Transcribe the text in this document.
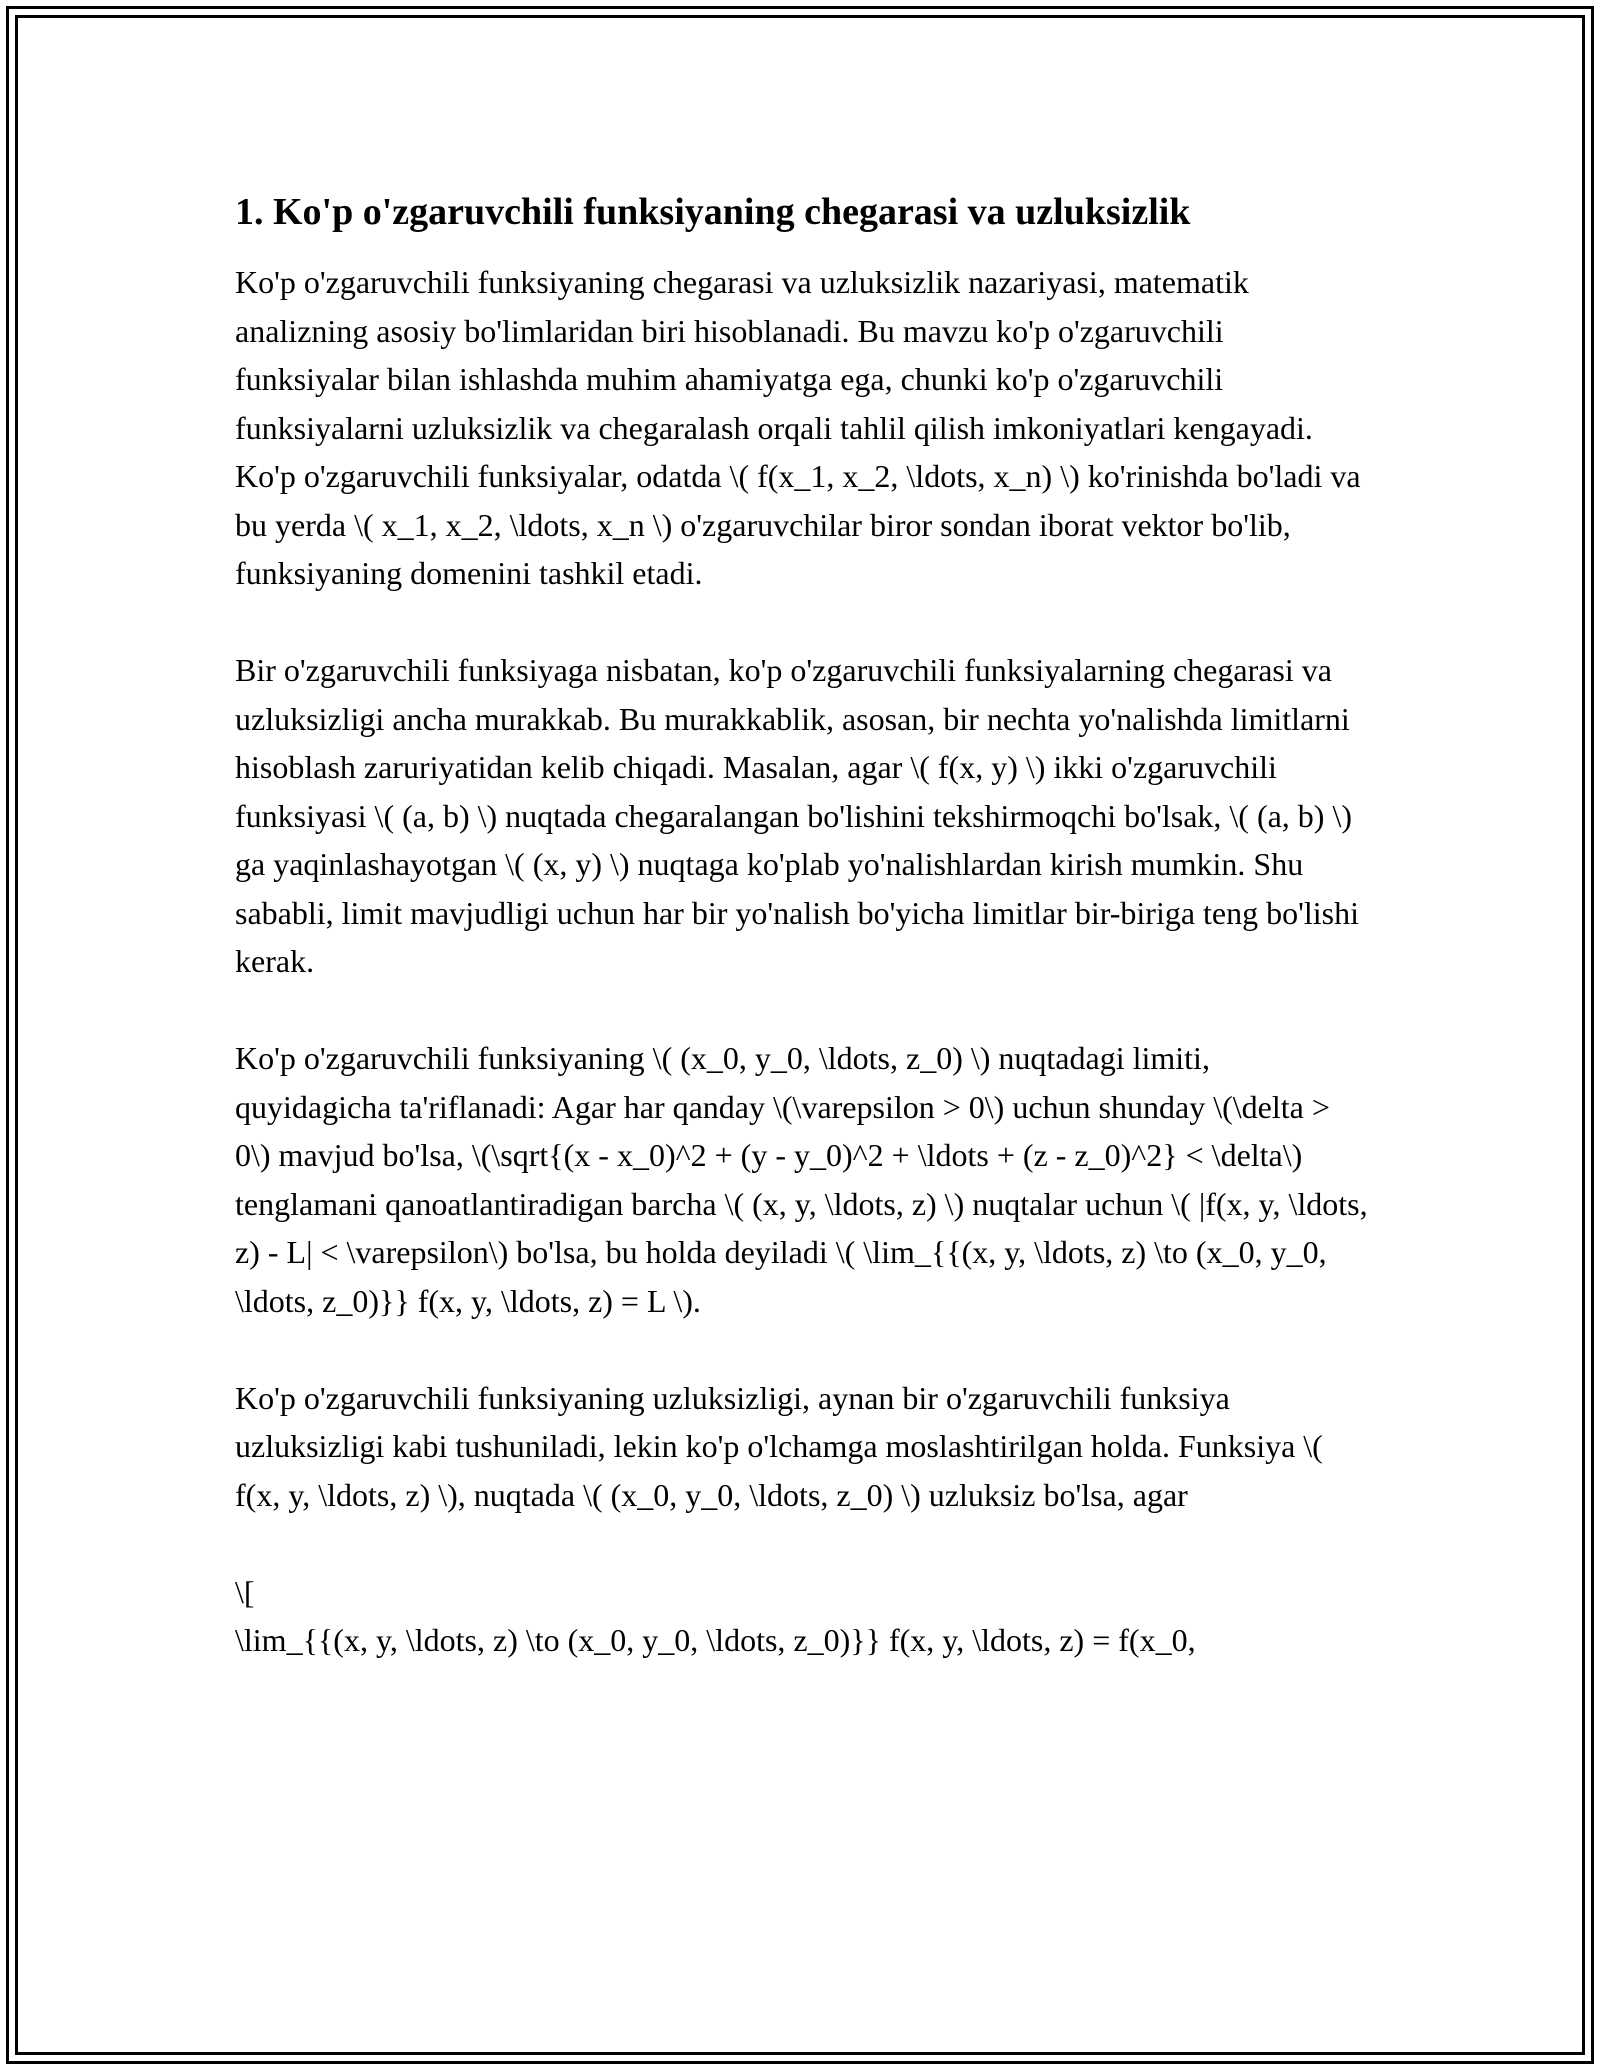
1. Ko'p o'zgaruvchili funksiyaning chegarasi va uzluksizlik

Ko'p o'zgaruvchili funksiyaning chegarasi va uzluksizlik nazariyasi, matematik analizning asosiy bo'limlaridan biri hisoblanadi. Bu mavzu ko'p o'zgaruvchili funksiyalar bilan ishlashda muhim ahamiyatga ega, chunki ko'p o'zgaruvchili funksiyalarni uzluksizlik va chegaralash orqali tahlil qilish imkoniyatlari kengayadi. Ko'p o'zgaruvchili funksiyalar, odatda \( f(x_1, x_2, \ldots, x_n) \) ko'rinishda bo'ladi va bu yerda \( x_1, x_2, \ldots, x_n \) o'zgaruvchilar biror sondan iborat vektor bo'lib, funksiyaning domenini tashkil etadi.

Bir o'zgaruvchili funksiyaga nisbatan, ko'p o'zgaruvchili funksiyalarning chegarasi va uzluksizligi ancha murakkab. Bu murakkablik, asosan, bir nechta yo'nalishda limitlarni hisoblash zaruriyatidan kelib chiqadi. Masalan, agar \( f(x, y) \) ikki o'zgaruvchili funksiyasi \( (a, b) \) nuqtada chegaralangan bo'lishini tekshirmoqchi bo'lsak, \( (a, b) \) ga yaqinlashayotgan \( (x, y) \) nuqtaga ko'plab yo'nalishlardan kirish mumkin. Shu sababli, limit mavjudligi uchun har bir yo'nalish bo'yicha limitlar bir-biriga teng bo'lishi kerak.

Ko'p o'zgaruvchili funksiyaning \( (x_0, y_0, \ldots, z_0) \) nuqtadagi limiti, quyidagicha ta'riflanadi: Agar har qanday \(\varepsilon > 0\) uchun shunday \(\delta > 0\) mavjud bo'lsa, \(\sqrt{(x - x_0)^2 + (y - y_0)^2 + \ldots + (z - z_0)^2} < \delta\) tenglamani qanoatlantiradigan barcha \( (x, y, \ldots, z) \) nuqtalar uchun \( |f(x, y, \ldots, z) - L| < \varepsilon\) bo'lsa, bu holda deyiladi \( \lim_{{(x, y, \ldots, z) \to (x_0, y_0, \ldots, z_0)}} f(x, y, \ldots, z) = L \).

Ko'p o'zgaruvchili funksiyaning uzluksizligi, aynan bir o'zgaruvchili funksiya uzluksizligi kabi tushuniladi, lekin ko'p o'lchamga moslashtirilgan holda. Funksiya \( f(x, y, \ldots, z) \), nuqtada \( (x_0, y_0, \ldots, z_0) \) uzluksiz bo'lsa, agar

\[
\lim_{{(x, y, \ldots, z) \to (x_0, y_0, \ldots, z_0)}} f(x, y, \ldots, z) = f(x_0,
